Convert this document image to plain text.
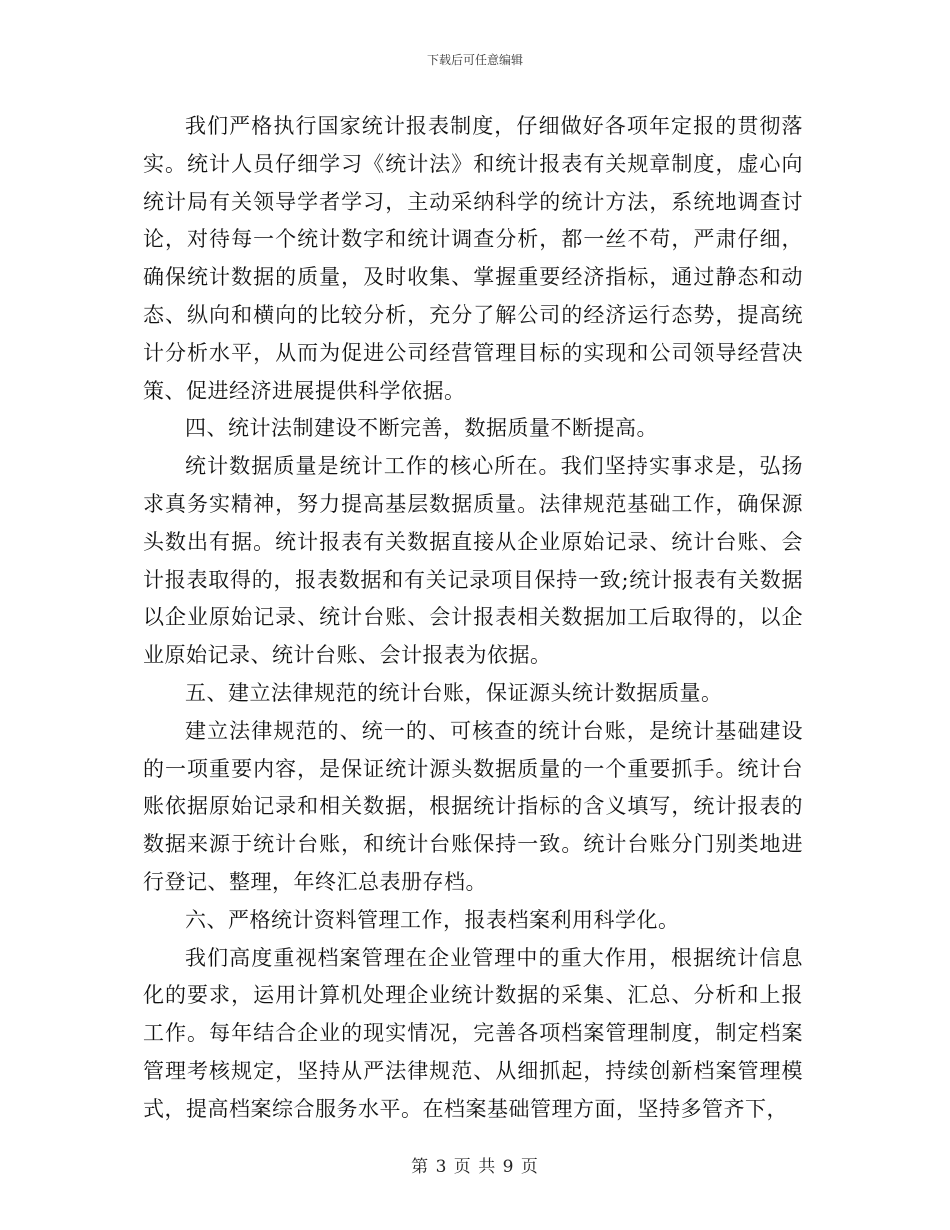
下载后可任意编辑

我们严格执行国家统计报表制度，仔细做好各项年定报的贯彻落实。统计人员仔细学习《统计法》和统计报表有关规章制度，虚心向统计局有关领导学者学习，主动采纳科学的统计方法，系统地调查讨论，对待每一个统计数字和统计调查分析，都一丝不苟，严肃仔细，确保统计数据的质量，及时收集、掌握重要经济指标，通过静态和动态、纵向和横向的比较分析，充分了解公司的经济运行态势，提高统计分析水平，从而为促进公司经营管理目标的实现和公司领导经营决策、促进经济进展提供科学依据。

四、统计法制建设不断完善，数据质量不断提高。

统计数据质量是统计工作的核心所在。我们坚持实事求是，弘扬求真务实精神，努力提高基层数据质量。法律规范基础工作，确保源头数出有据。统计报表有关数据直接从企业原始记录、统计台账、会计报表取得的，报表数据和有关记录项目保持一致;统计报表有关数据以企业原始记录、统计台账、会计报表相关数据加工后取得的，以企业原始记录、统计台账、会计报表为依据。

五、建立法律规范的统计台账，保证源头统计数据质量。

建立法律规范的、统一的、可核查的统计台账，是统计基础建设的一项重要内容，是保证统计源头数据质量的一个重要抓手。统计台账依据原始记录和相关数据，根据统计指标的含义填写，统计报表的数据来源于统计台账，和统计台账保持一致。统计台账分门别类地进行登记、整理，年终汇总表册存档。

六、严格统计资料管理工作，报表档案利用科学化。

我们高度重视档案管理在企业管理中的重大作用，根据统计信息化的要求，运用计算机处理企业统计数据的采集、汇总、分析和上报工作。每年结合企业的现实情况，完善各项档案管理制度，制定档案管理考核规定，坚持从严法律规范、从细抓起，持续创新档案管理模式，提高档案综合服务水平。在档案基础管理方面，坚持多管齐下，

第 3 页 共 9 页
